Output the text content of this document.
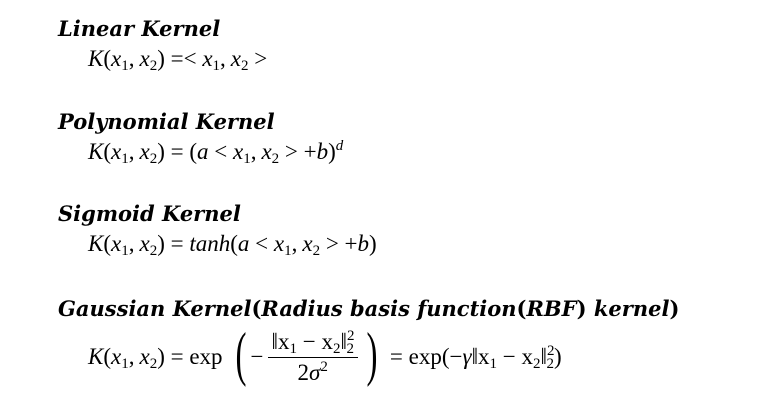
Linear Kernel
$K(x_1$, $x_2) =< x_1$, $x_2$ >
Polynomial Kernel
$K(x_1$, $x_2) = (a < x_1$, $x_2 > +b)^d$
Sigmoid Kernel
$K(x_1$, $x_2) = \tanh(a < x_1$, $x_2 > +b$)
Gaussian Kernel(Radius basis function(RBF) kernel)
$K(x_1$, $x_2) = \exp$ ( − $\frac{‖x_1 - x_2‖^2_2}{2\sigma^2}$ ) = $\exp(-\gamma‖x_1$ − $x_2‖^2_2$)
